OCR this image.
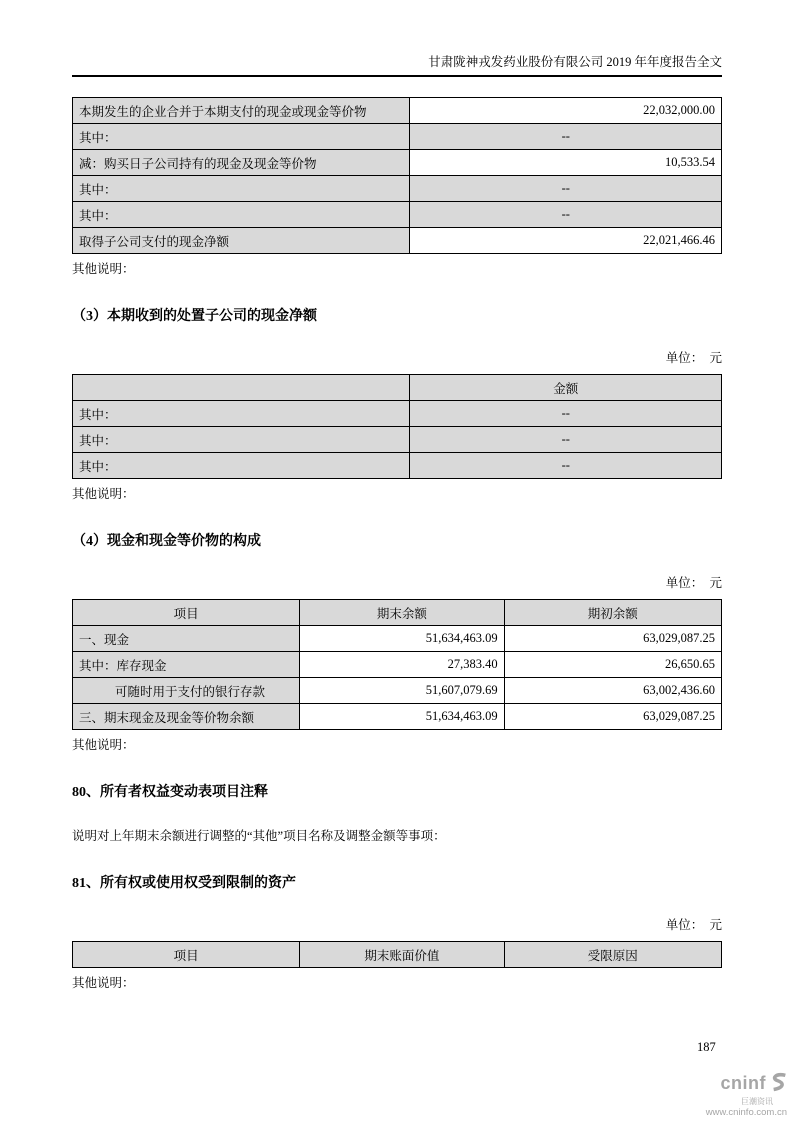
甘肃陇神戎发药业股份有限公司 2019 年年度报告全文
本期发生的企业合并于本期支付的现金或现金等价物	22,032,000.00
其中：	--
减：购买日子公司持有的现金及现金等价物	10,533.54
其中：	--
其中：	--
取得子公司支付的现金净额	22,021,466.46
其他说明：
（3）本期收到的处置子公司的现金净额
单位：　元
	金额
其中：	--
其中：	--
其中：	--
其他说明：
（4）现金和现金等价物的构成
单位：　元
项目	期末余额	期初余额
一、现金	51,634,463.09	63,029,087.25
其中：库存现金	27,383.40	26,650.65
可随时用于支付的银行存款	51,607,079.69	63,002,436.60
三、期末现金及现金等价物余额	51,634,463.09	63,029,087.25
其他说明：
80、所有者权益变动表项目注释
说明对上年期末余额进行调整的“其他”项目名称及调整金额等事项：
81、所有权或使用权受到限制的资产
单位：　元
项目	期末账面价值	受限原因
其他说明：
187
cninf
巨潮资讯
www.cninfo.com.cn
